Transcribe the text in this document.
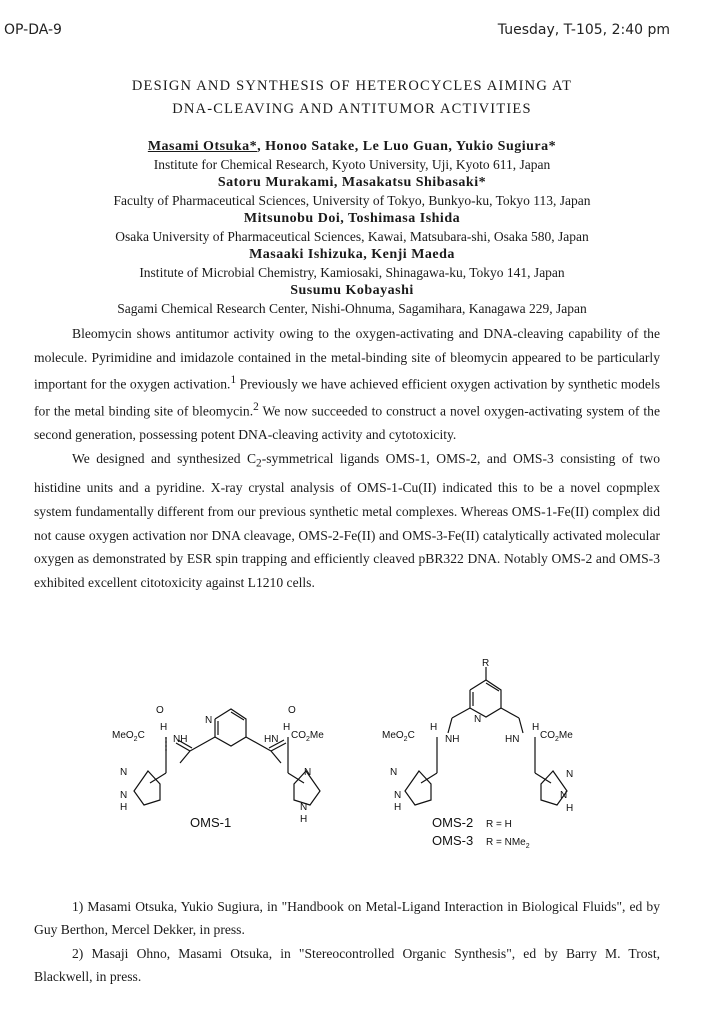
OP-DA-9	Tuesday, T-105, 2:40 pm
DESIGN AND SYNTHESIS OF HETEROCYCLES AIMING AT
DNA-CLEAVING AND ANTITUMOR ACTIVITIES
Masami Otsuka*, Honoo Satake, Le Luo Guan, Yukio Sugiura*
Institute for Chemical Research, Kyoto University, Uji, Kyoto 611, Japan
Satoru Murakami, Masakatsu Shibasaki*
Faculty of Pharmaceutical Sciences, University of Tokyo, Bunkyo-ku, Tokyo 113, Japan
Mitsunobu Doi, Toshimasa Ishida
Osaka University of Pharmaceutical Sciences, Kawai, Matsubara-shi, Osaka 580, Japan
Masaaki Ishizuka, Kenji Maeda
Institute of Microbial Chemistry, Kamiosaki, Shinagawa-ku, Tokyo 141, Japan
Susumu Kobayashi
Sagami Chemical Research Center, Nishi-Ohnuma, Sagamihara, Kanagawa 229, Japan

Bleomycin shows antitumor activity owing to the oxygen-activating and DNA-cleaving capability of the molecule. Pyrimidine and imidazole contained in the metal-binding site of bleomycin appeared to be particularly important for the oxygen activation.$^1$ Previously we have achieved efficient oxygen activation by synthetic models for the metal binding site of bleomycin.$^2$ We now succeeded to construct a novel oxygen-activating system of the second generation, possessing potent DNA-cleaving activity and cytotoxicity.

We designed and synthesized $C_2$-symmetrical ligands OMS-1, OMS-2, and OMS-3 consisting of two histidine units and a pyridine. X-ray crystal analysis of OMS-1-Cu(II) indicated this to be a novel copmplex system fundamentally different from our previous synthetic metal complexes. Whereas OMS-1-Fe(II) complex did not cause oxygen activation nor DNA cleavage, OMS-2-Fe(II) and OMS-3-Fe(II) catalytically activated molecular oxygen as demonstrated by ESR spin trapping and efficiently cleaved pBR322 DNA. Notably OMS-2 and OMS-3 exhibited excellent citotoxicity against L1210 cells.

O	O
N
H	H
NH	HN
MeO$_2$C	$CO_2Me$
N	N
N
H	N
H
R
N
H	H
NH	HN
MeO$_2$C	$CO_2Me$
N	N
N
H
N
H
OMS-1	OMS-2 R = H
OMS-3 R = NMe$_2$

1) Masami Otsuka, Yukio Sugiura, in "Handbook on Metal-Ligand Interaction in Biological Fluids", ed by Guy Berthon, Mercel Dekker, in press.

2) Masaji Ohno, Masami Otsuka, in "Stereocontrolled Organic Synthesis", ed by Barry M. Trost, Blackwell, in press.
